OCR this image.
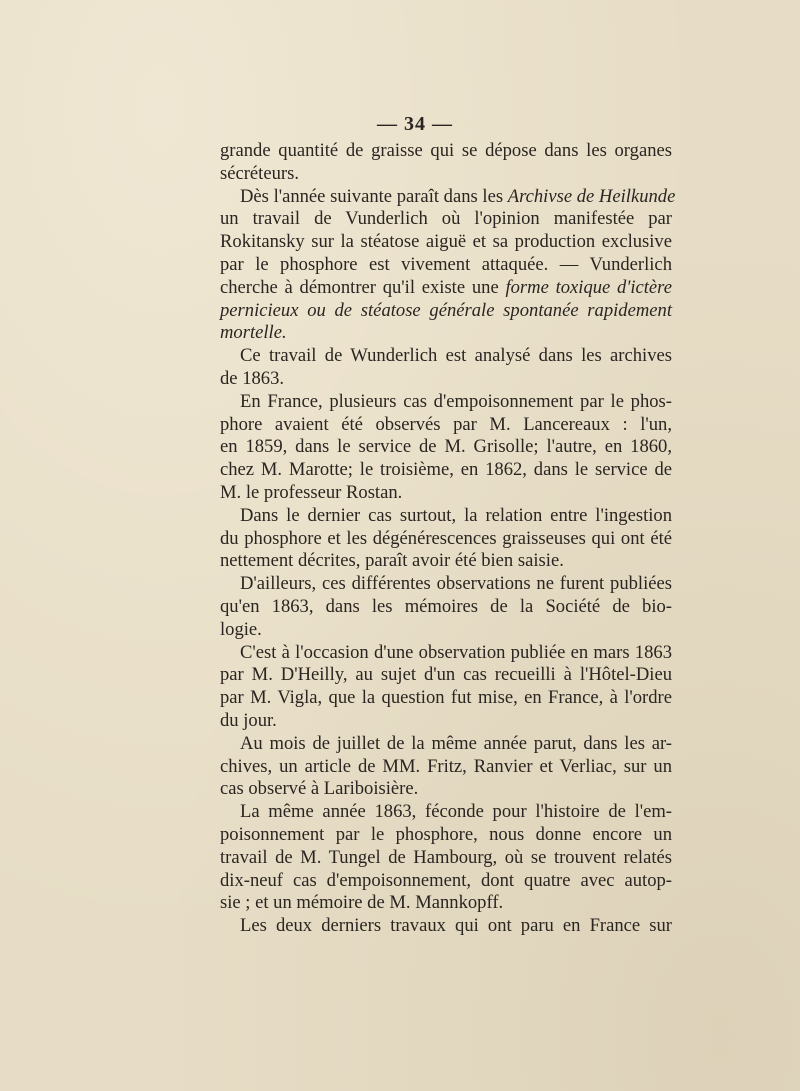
— 34 —

grande quantité de graisse qui se dépose dans les organes
sécréteurs.

Dès l'année suivante paraît dans les Archivse de Heilkunde
un travail de Vunderlich où l'opinion manifestée par
Rokitansky sur la stéatose aiguë et sa production exclusive
par le phosphore est vivement attaquée. — Vunderlich
cherche à démontrer qu'il existe une forme toxique d'ictère
pernicieux ou de stéatose générale spontanée rapidement
mortelle.

Ce travail de Wunderlich est analysé dans les archives
de 1863.

En France, plusieurs cas d'empoisonnement par le phos-
phore avaient été observés par M. Lancereaux : l'un,
en 1859, dans le service de M. Grisolle; l'autre, en 1860,
chez M. Marotte; le troisième, en 1862, dans le service de
M. le professeur Rostan.

Dans le dernier cas surtout, la relation entre l'ingestion
du phosphore et les dégénérescences graisseuses qui ont été
nettement décrites, paraît avoir été bien saisie.

D'ailleurs, ces différentes observations ne furent publiées
qu'en 1863, dans les mémoires de la Société de bio-
logie.

C'est à l'occasion d'une observation publiée en mars 1863
par M. D'Heilly, au sujet d'un cas recueilli à l'Hôtel-Dieu
par M. Vigla, que la question fut mise, en France, à l'ordre
du jour.

Au mois de juillet de la même année parut, dans les ar-
chives, un article de MM. Fritz, Ranvier et Verliac, sur un
cas observé à Lariboisière.

La même année 1863, féconde pour l'histoire de l'em-
poisonnement par le phosphore, nous donne encore un
travail de M. Tungel de Hambourg, où se trouvent relatés
dix-neuf cas d'empoisonnement, dont quatre avec autop-
sie ; et un mémoire de M. Mannkopff.

Les deux derniers travaux qui ont paru en France sur
